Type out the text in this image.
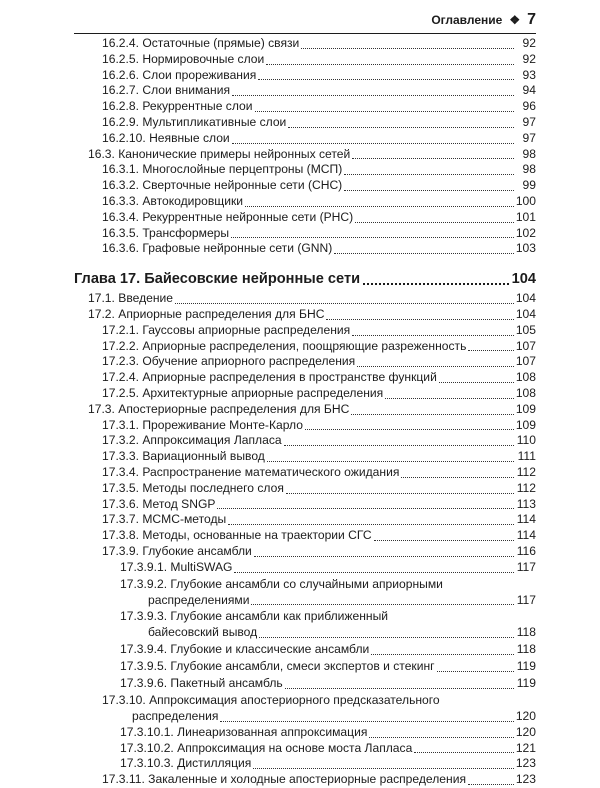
Оглавление ❖ 7
16.2.4. Остаточные (прямые) связи	92
16.2.5. Нормировочные слои	92
16.2.6. Слои прореживания	93
16.2.7. Слои внимания	94
16.2.8. Рекуррентные слои	96
16.2.9. Мультипликативные слои	97
16.2.10. Неявные слои	97
16.3. Канонические примеры нейронных сетей	98
16.3.1. Многослойные перцептроны (МСП)	98
16.3.2. Сверточные нейронные сети (СНС)	99
16.3.3. Автокодировщики	100
16.3.4. Рекуррентные нейронные сети (РНС)	101
16.3.5. Трансформеры	102
16.3.6. Графовые нейронные сети (GNN)	103
Глава 17. Байесовские нейронные сети	104
17.1. Введение	104
17.2. Априорные распределения для БНС	104
17.2.1. Гауссовы априорные распределения	105
17.2.2. Априорные распределения, поощряющие разреженность	107
17.2.3. Обучение априорного распределения	107
17.2.4. Априорные распределения в пространстве функций	108
17.2.5. Архитектурные априорные распределения	108
17.3. Апостериорные распределения для БНС	109
17.3.1. Прореживание Монте-Карло	109
17.3.2. Аппроксимация Лапласа	110
17.3.3. Вариационный вывод	111
17.3.4. Распространение математического ожидания	112
17.3.5. Методы последнего слоя	112
17.3.6. Метод SNGP	113
17.3.7. MCMC-методы	114
17.3.8. Методы, основанные на траектории СГС	114
17.3.9. Глубокие ансамбли	116
17.3.9.1. MultiSWAG	117
17.3.9.2. Глубокие ансамбли со случайными априорными
распределениями	117
17.3.9.3. Глубокие ансамбли как приближенный
байесовский вывод	118
17.3.9.4. Глубокие и классические ансамбли	118
17.3.9.5. Глубокие ансамбли, смеси экспертов и стекинг	119
17.3.9.6. Пакетный ансамбль	119
17.3.10. Аппроксимация апостериорного предсказательного
распределения	120
17.3.10.1. Линеаризованная аппроксимация	120
17.3.10.2. Аппроксимация на основе моста Лапласа	121
17.3.10.3. Дистилляция	123
17.3.11. Закаленные и холодные апостериорные распределения	123
